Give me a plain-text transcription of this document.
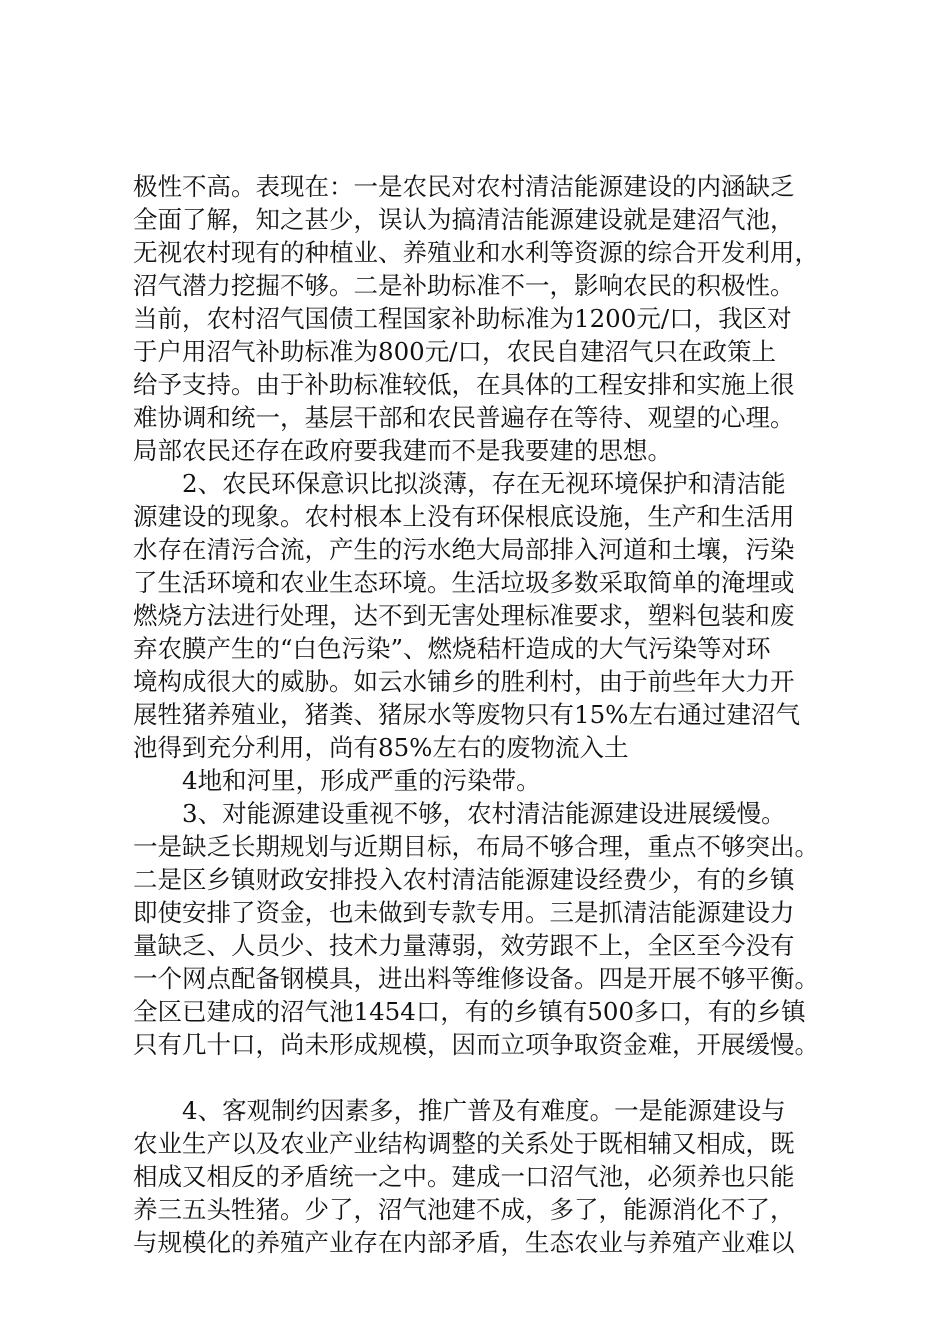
极性不高。表现在：一是农民对农村清洁能源建设的内涵缺乏
全面了解，知之甚少，误认为搞清洁能源建设就是建沼气池，
无视农村现有的种植业、养殖业和水利等资源的综合开发利用，
沼气潜力挖掘不够。二是补助标准不一，影响农民的积极性。
当前，农村沼气国债工程国家补助标准为1200元/口，我区对
于户用沼气补助标准为800元/口，农民自建沼气只在政策上
给予支持。由于补助标准较低，在具体的工程安排和实施上很
难协调和统一，基层干部和农民普遍存在等待、观望的心理。
局部农民还存在政府要我建而不是我要建的思想。
2、农民环保意识比拟淡薄，存在无视环境保护和清洁能
源建设的现象。农村根本上没有环保根底设施，生产和生活用
水存在清污合流，产生的污水绝大局部排入河道和土壤，污染
了生活环境和农业生态环境。生活垃圾多数采取简单的淹埋或
燃烧方法进行处理，达不到无害处理标准要求，塑料包装和废
弃农膜产生的“白色污染”、燃烧秸杆造成的大气污染等对环
境构成很大的威胁。如云水铺乡的胜利村，由于前些年大力开
展牲猪养殖业，猪粪、猪尿水等废物只有15%左右通过建沼气
池得到充分利用，尚有85%左右的废物流入土
4地和河里，形成严重的污染带。
3、对能源建设重视不够，农村清洁能源建设进展缓慢。
一是缺乏长期规划与近期目标，布局不够合理，重点不够突出。
二是区乡镇财政安排投入农村清洁能源建设经费少，有的乡镇
即使安排了资金，也未做到专款专用。三是抓清洁能源建设力
量缺乏、人员少、技术力量薄弱，效劳跟不上，全区至今没有
一个网点配备钢模具，进出料等维修设备。四是开展不够平衡。
全区已建成的沼气池1454口，有的乡镇有500多口，有的乡镇
只有几十口，尚未形成规模，因而立项争取资金难，开展缓慢。
4、客观制约因素多，推广普及有难度。一是能源建设与
农业生产以及农业产业结构调整的关系处于既相辅又相成，既
相成又相反的矛盾统一之中。建成一口沼气池，必须养也只能
养三五头牲猪。少了，沼气池建不成，多了，能源消化不了，
与规模化的养殖产业存在内部矛盾，生态农业与养殖产业难以
